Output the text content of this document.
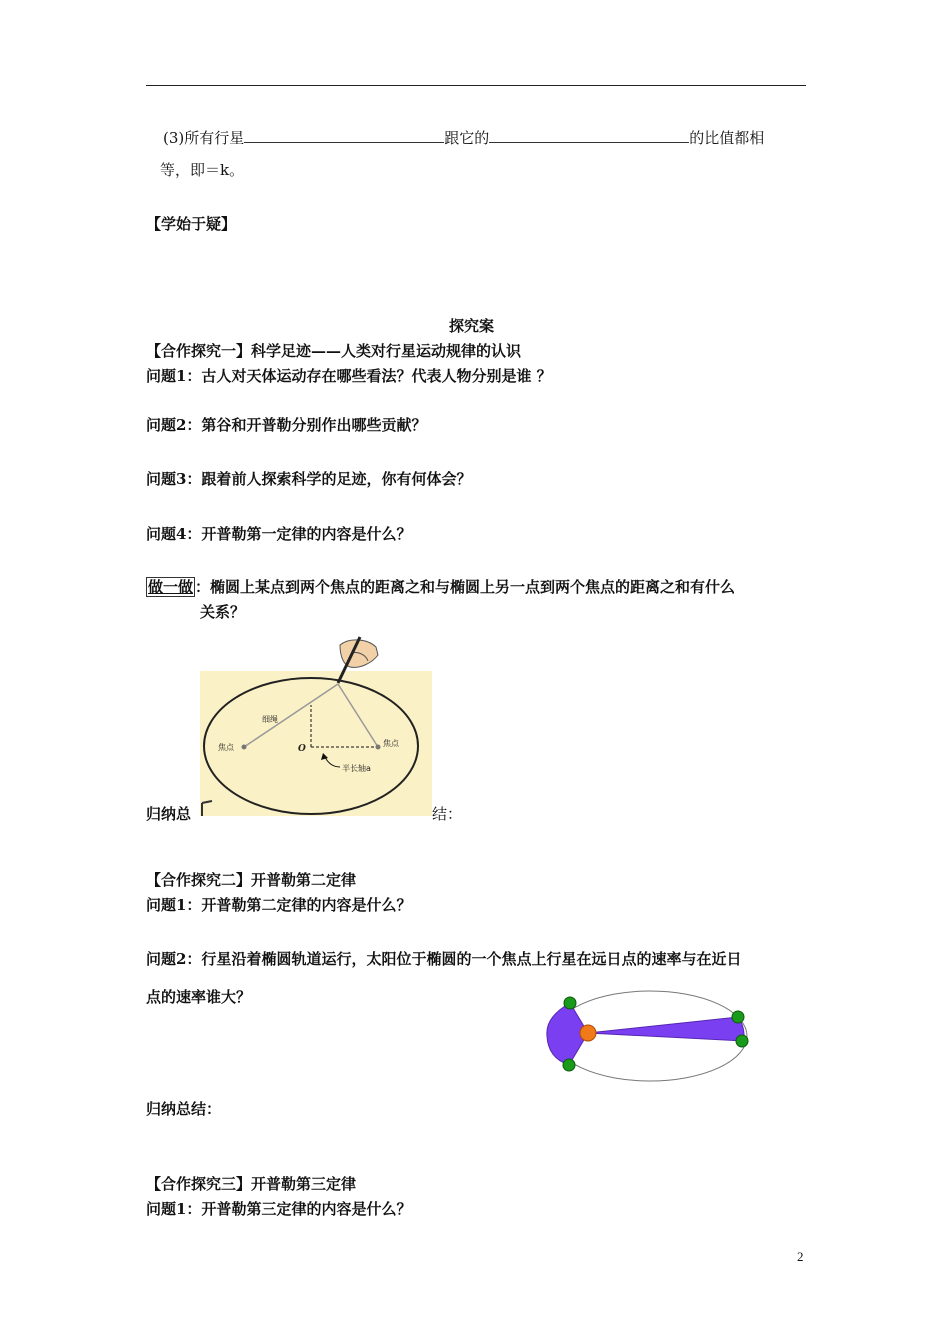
(3)所有行星	跟它的	的比值都相
等，即＝k。
【学始于疑】
探究案
【合作探究一】科学足迹——人类对行星运动规律的认识
问题1：古人对天体运动存在哪些看法？代表人物分别是谁 ？
问题2：第谷和开普勒分别作出哪些贡献？
问题3：跟着前人探索科学的足迹，你有何体会？
问题4：开普勒第一定律的内容是什么？
做一做 ：椭圆上某点到两个焦点的距离之和与椭圆上另一点到两个焦点的距离之和有什么
关系？
细绳
焦点	焦点
O
半长轴a
归纳总	结：
【合作探究二】开普勒第二定律
问题1：开普勒第二定律的内容是什么？
问题2：行星沿着椭圆轨道运行，太阳位于椭圆的一个焦点上行星在远日点的速率与在近日
点的速率谁大？
归纳总结：
【合作探究三】开普勒第三定律
问题1：开普勒第三定律的内容是什么？
2
